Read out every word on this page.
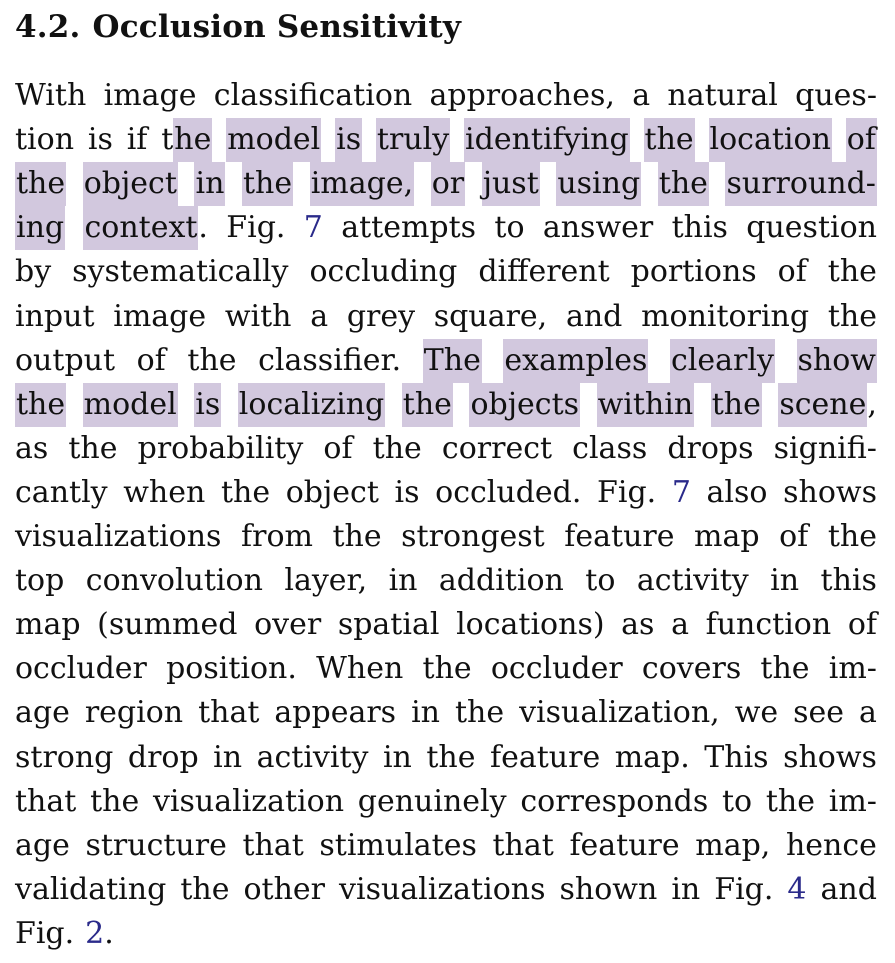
4.2. Occlusion Sensitivity
With image classification approaches, a natural ques-
tion is if the model is truly identifying the location of
the object in the image, or just using the surround-
ing context. Fig. 7 attempts to answer this question
by systematically occluding different portions of the
input image with a grey square, and monitoring the
output of the classifier. The examples clearly show
the model is localizing the objects within the scene,
as the probability of the correct class drops signifi-
cantly when the object is occluded. Fig. 7 also shows
visualizations from the strongest feature map of the
top convolution layer, in addition to activity in this
map (summed over spatial locations) as a function of
occluder position. When the occluder covers the im-
age region that appears in the visualization, we see a
strong drop in activity in the feature map. This shows
that the visualization genuinely corresponds to the im-
age structure that stimulates that feature map, hence
validating the other visualizations shown in Fig. 4 and
Fig. 2.
